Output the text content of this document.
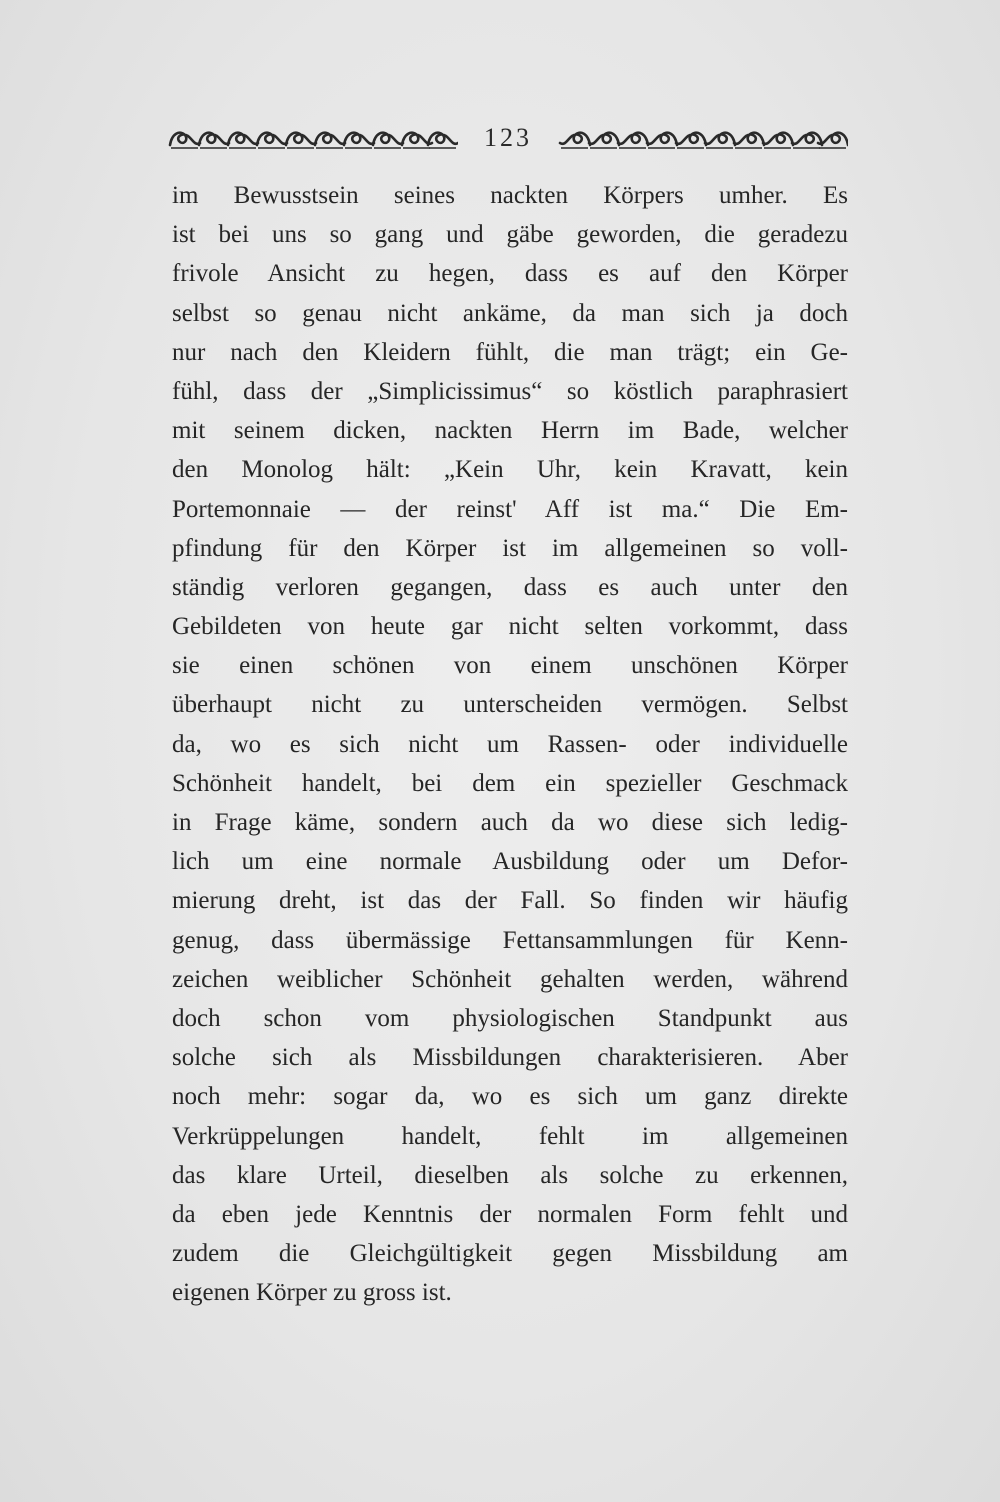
123
im Bewusstsein seines nackten Körpers umher. Es
ist bei uns so gang und gäbe geworden, die geradezu
frivole Ansicht zu hegen, dass es auf den Körper
selbst so genau nicht ankäme, da man sich ja doch
nur nach den Kleidern fühlt, die man trägt; ein Ge-
fühl, dass der „Simplicissimus“ so köstlich paraphrasiert
mit seinem dicken, nackten Herrn im Bade, welcher
den Monolog hält: „Kein Uhr, kein Kravatt, kein
Portemonnaie — der reinst' Aff ist ma.“ Die Em-
pfindung für den Körper ist im allgemeinen so voll-
ständig verloren gegangen, dass es auch unter den
Gebildeten von heute gar nicht selten vorkommt, dass
sie einen schönen von einem unschönen Körper
überhaupt nicht zu unterscheiden vermögen. Selbst
da, wo es sich nicht um Rassen- oder individuelle
Schönheit handelt, bei dem ein spezieller Geschmack
in Frage käme, sondern auch da wo diese sich ledig-
lich um eine normale Ausbildung oder um Defor-
mierung dreht, ist das der Fall. So finden wir häufig
genug, dass übermässige Fettansammlungen für Kenn-
zeichen weiblicher Schönheit gehalten werden, während
doch schon vom physiologischen Standpunkt aus
solche sich als Missbildungen charakterisieren. Aber
noch mehr: sogar da, wo es sich um ganz direkte
Verkrüppelungen handelt, fehlt im allgemeinen
das klare Urteil, dieselben als solche zu erkennen,
da eben jede Kenntnis der normalen Form fehlt und
zudem die Gleichgültigkeit gegen Missbildung am
eigenen Körper zu gross ist.
